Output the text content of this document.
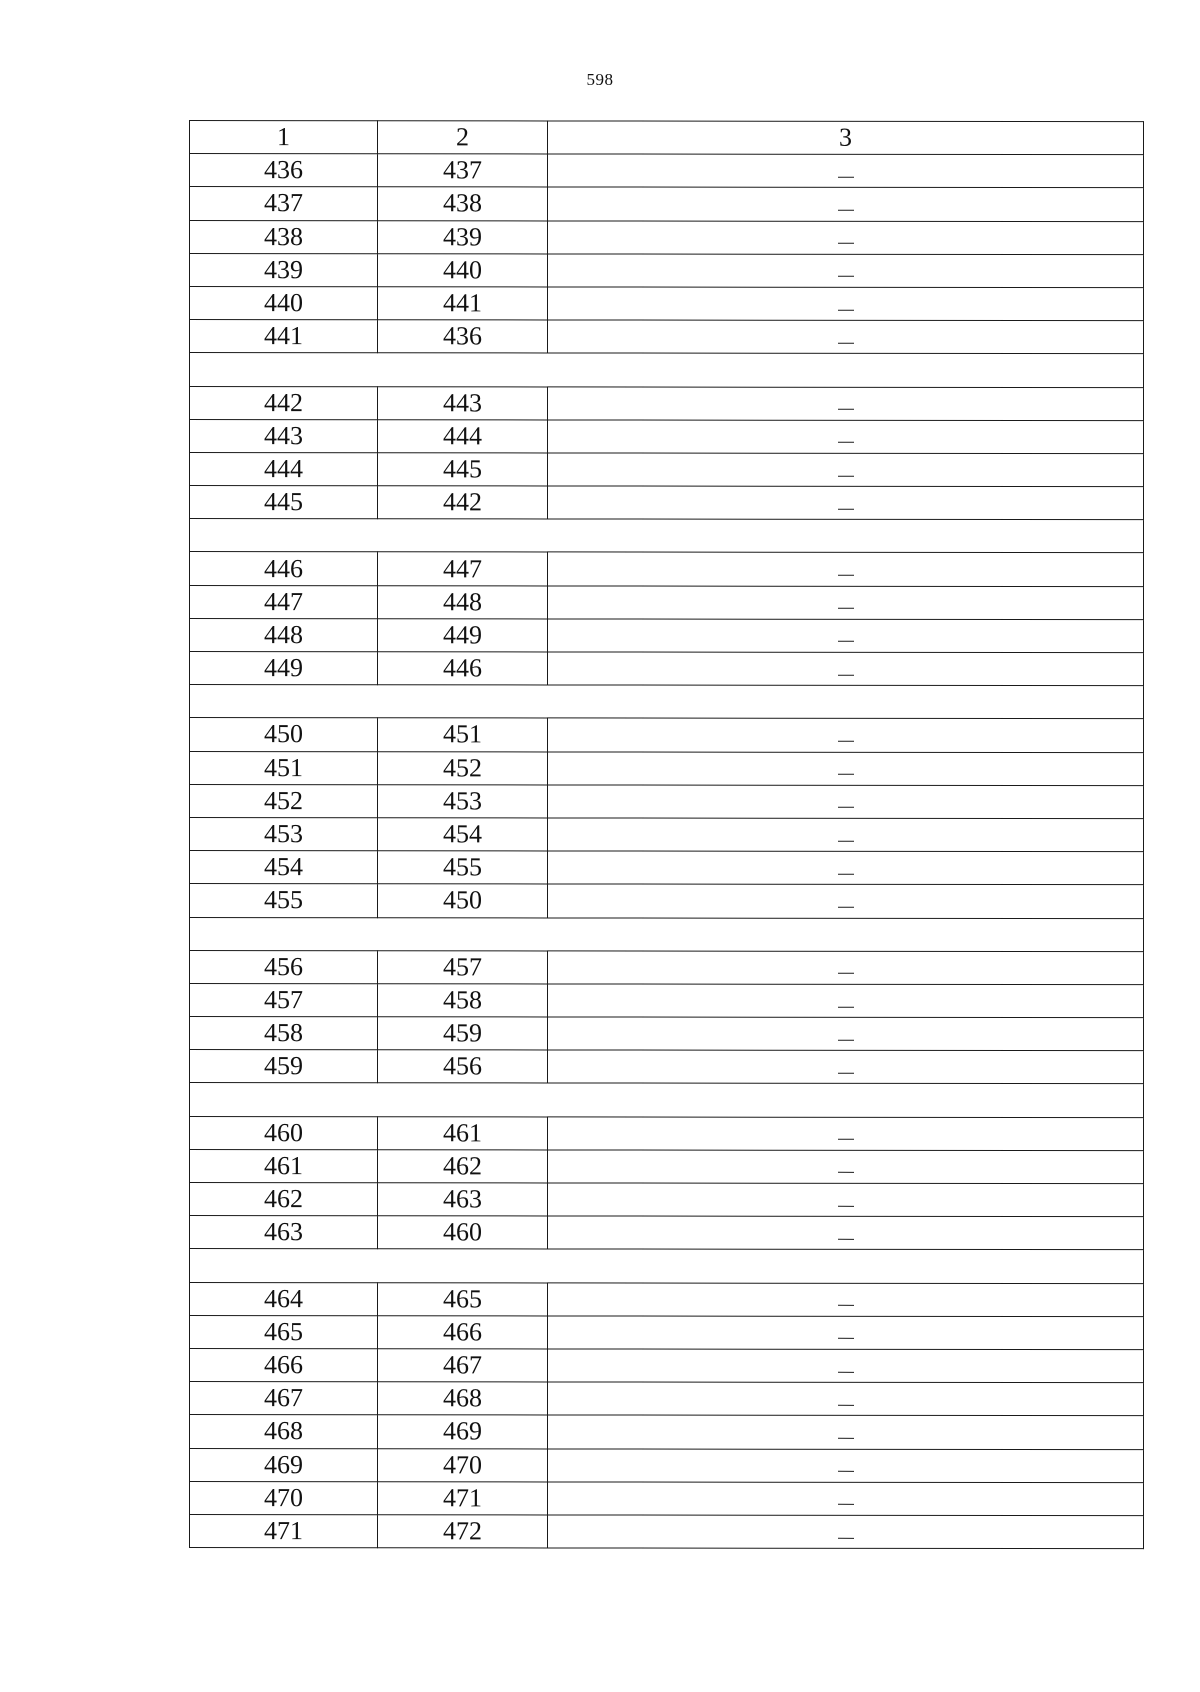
598
1	2	3
436	437	
437	438	
438	439	
439	440	
440	441	
441	436	

442	443	
443	444	
444	445	
445	442	

446	447	
447	448	
448	449	
449	446	

450	451	
451	452	
452	453	
453	454	
454	455	
455	450	

456	457	
457	458	
458	459	
459	456	

460	461	
461	462	
462	463	
463	460	

464	465	
465	466	
466	467	
467	468	
468	469	
469	470	
470	471	
471	472	
